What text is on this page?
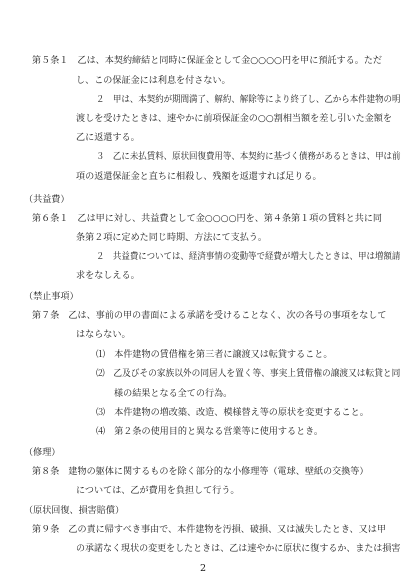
第５条１　乙は、本契約締結と同時に保証金として金○○○○円を甲に預託する。ただ
し、この保証金には利息を付さない。
２　甲は、本契約が期間満了、解約、解除等により終了し、乙から本件建物の明
渡しを受けたときは、速やかに前項保証金の○○割相当額を差し引いた金額を
乙に返還する。
３　乙に未払賃料、原状回復費用等、本契約に基づく債務があるときは、甲は前
項の返還保証金と直ちに相殺し、残額を返還すれば足りる。
（共益費）
第６条１　乙は甲に対し、共益費として金○○○○円を、第４条第１項の賃料と共に同
条第２項に定めた同じ時期、方法にて支払う。
２　共益費については、経済事情の変動等で経費が増大したときは、甲は増額請
求をなしえる。
（禁止事項）
第７条　乙は、事前の甲の書面による承諾を受けることなく、次の各号の事項をなして
はならない。
⑴　本件建物の賃借権を第三者に譲渡又は転貸すること。
⑵　乙及びその家族以外の同居人を置く等、事実上賃借権の譲渡又は転貸と同
様の結果となる全ての行為。
⑶　本件建物の増改築、改造、模様替え等の原状を変更すること。
⑷　第２条の使用目的と異なる営業等に使用するとき。
（修理）
第８条　建物の躯体に関するものを除く部分的な小修理等（電球、壁紙の交換等）
については、乙が費用を負担して行う。
（原状回復、損害賠償）
第９条　乙の責に帰すべき事由で、本件建物を汚損、破損、又は滅失したとき、又は甲
の承諾なく現状の変更をしたときは、乙は速やかに原状に復するか、または損害
2
